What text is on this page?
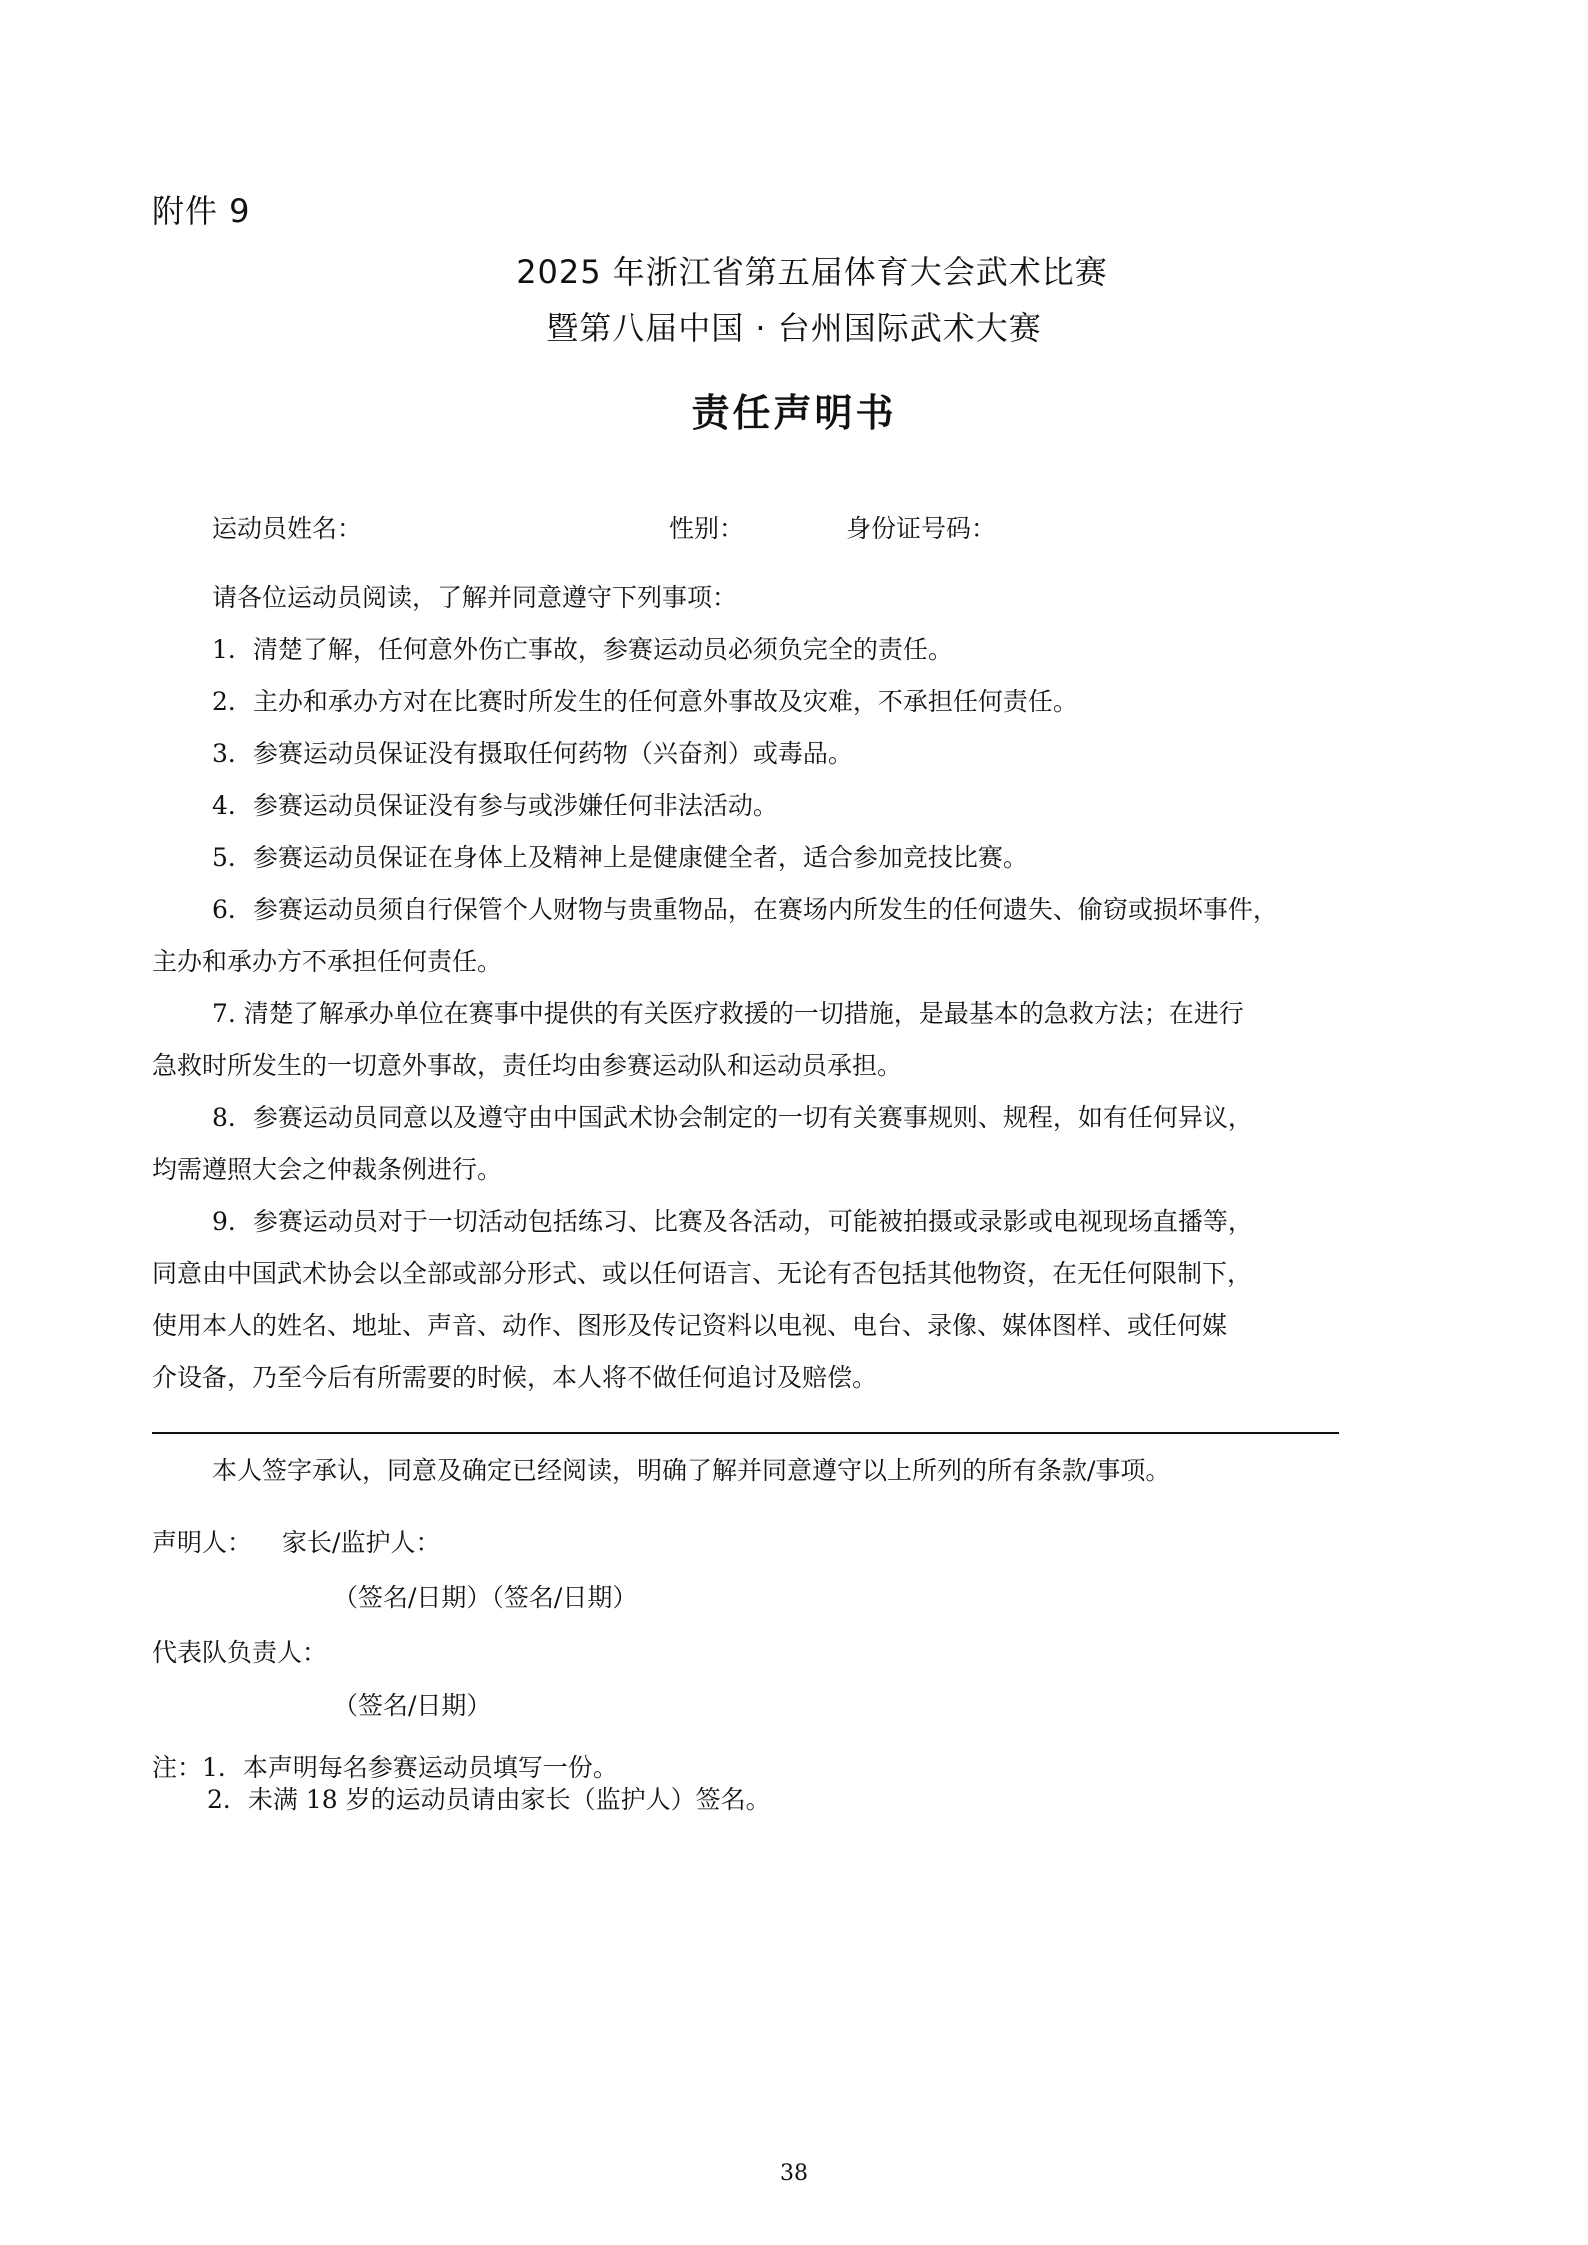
附件 9
2025 年浙江省第五届体育大会武术比赛
暨第八届中国 · 台州国际武术大赛
责任声明书
运动员姓名：	性别：	身份证号码：

请各位运动员阅读，了解并同意遵守下列事项：

1．清楚了解，任何意外伤亡事故，参赛运动员必须负完全的责任。

2．主办和承办方对在比赛时所发生的任何意外事故及灾难，不承担任何责任。

3．参赛运动员保证没有摄取任何药物（兴奋剂）或毒品。

4．参赛运动员保证没有参与或涉嫌任何非法活动。

5．参赛运动员保证在身体上及精神上是健康健全者，适合参加竞技比赛。

6．参赛运动员须自行保管个人财物与贵重物品，在赛场内所发生的任何遗失、偷窃或损坏事件，
主办和承办方不承担任何责任。

7. 清楚了解承办单位在赛事中提供的有关医疗救援的一切措施，是最基本的急救方法；在进行
急救时所发生的一切意外事故，责任均由参赛运动队和运动员承担。

8．参赛运动员同意以及遵守由中国武术协会制定的一切有关赛事规则、规程，如有任何异议，
均需遵照大会之仲裁条例进行。

9．参赛运动员对于一切活动包括练习、比赛及各活动，可能被拍摄或录影或电视现场直播等，
同意由中国武术协会以全部或部分形式、或以任何语言、无论有否包括其他物资，在无任何限制下，
使用本人的姓名、地址、声音、动作、图形及传记资料以电视、电台、录像、媒体图样、或任何媒
介设备，乃至今后有所需要的时候，本人将不做任何追讨及赔偿。

本人签字承认，同意及确定已经阅读，明确了解并同意遵守以上所列的所有条款/事项。
声明人： 家长/监护人：
（签名/日期）（签名/日期）
代表队负责人：
（签名/日期）
注：1．本声明每名参赛运动员填写一份。
2．未满 18 岁的运动员请由家长（监护人）签名。
38
